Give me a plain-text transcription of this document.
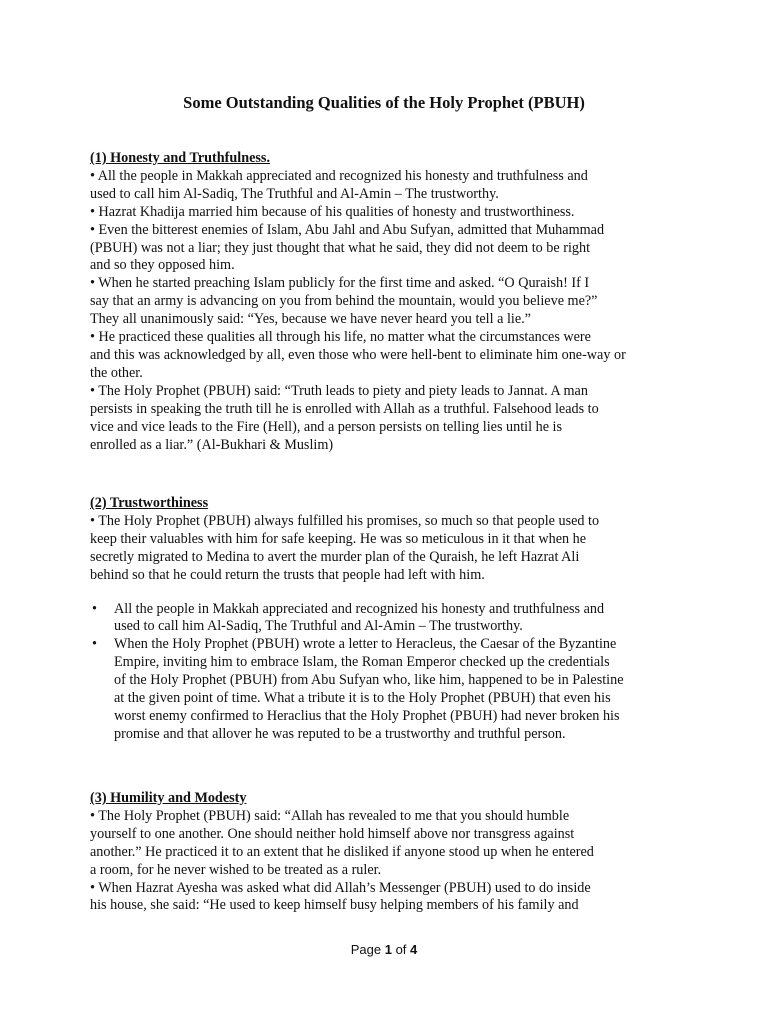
Some Outstanding Qualities of the Holy Prophet (PBUH)
(1) Honesty and Truthfulness.

• All the people in Makkah appreciated and recognized his honesty and truthfulness and
used to call him Al-Sadiq, The Truthful and Al-Amin – The trustworthy.

• Hazrat Khadija married him because of his qualities of honesty and trustworthiness.

• Even the bitterest enemies of Islam, Abu Jahl and Abu Sufyan, admitted that Muhammad
(PBUH) was not a liar; they just thought that what he said, they did not deem to be right
and so they opposed him.

• When he started preaching Islam publicly for the first time and asked. “O Quraish! If I
say that an army is advancing on you from behind the mountain, would you believe me?”
They all unanimously said: “Yes, because we have never heard you tell a lie.”

• He practiced these qualities all through his life, no matter what the circumstances were
and this was acknowledged by all, even those who were hell-bent to eliminate him one-way or
the other.

• The Holy Prophet (PBUH) said: “Truth leads to piety and piety leads to Jannat. A man
persists in speaking the truth till he is enrolled with Allah as a truthful. Falsehood leads to
vice and vice leads to the Fire (Hell), and a person persists on telling lies until he is
enrolled as a liar.” (Al-Bukhari & Muslim)

(2) Trustworthiness

• The Holy Prophet (PBUH) always fulfilled his promises, so much so that people used to
keep their valuables with him for safe keeping. He was so meticulous in it that when he
secretly migrated to Medina to avert the murder plan of the Quraish, he left Hazrat Ali
behind so that he could return the trusts that people had left with him.

• All the people in Makkah appreciated and recognized his honesty and truthfulness and
used to call him Al-Sadiq, The Truthful and Al-Amin – The trustworthy.
• When the Holy Prophet (PBUH) wrote a letter to Heracleus, the Caesar of the Byzantine
Empire, inviting him to embrace Islam, the Roman Emperor checked up the credentials
of the Holy Prophet (PBUH) from Abu Sufyan who, like him, happened to be in Palestine
at the given point of time. What a tribute it is to the Holy Prophet (PBUH) that even his
worst enemy confirmed to Heraclius that the Holy Prophet (PBUH) had never broken his
promise and that allover he was reputed to be a trustworthy and truthful person.
(3) Humility and Modesty

• The Holy Prophet (PBUH) said: “Allah has revealed to me that you should humble
yourself to one another. One should neither hold himself above nor transgress against
another.” He practiced it to an extent that he disliked if anyone stood up when he entered
a room, for he never wished to be treated as a ruler.

• When Hazrat Ayesha was asked what did Allah’s Messenger (PBUH) used to do inside
his house, she said: “He used to keep himself busy helping members of his family and

Page 1 of 4
